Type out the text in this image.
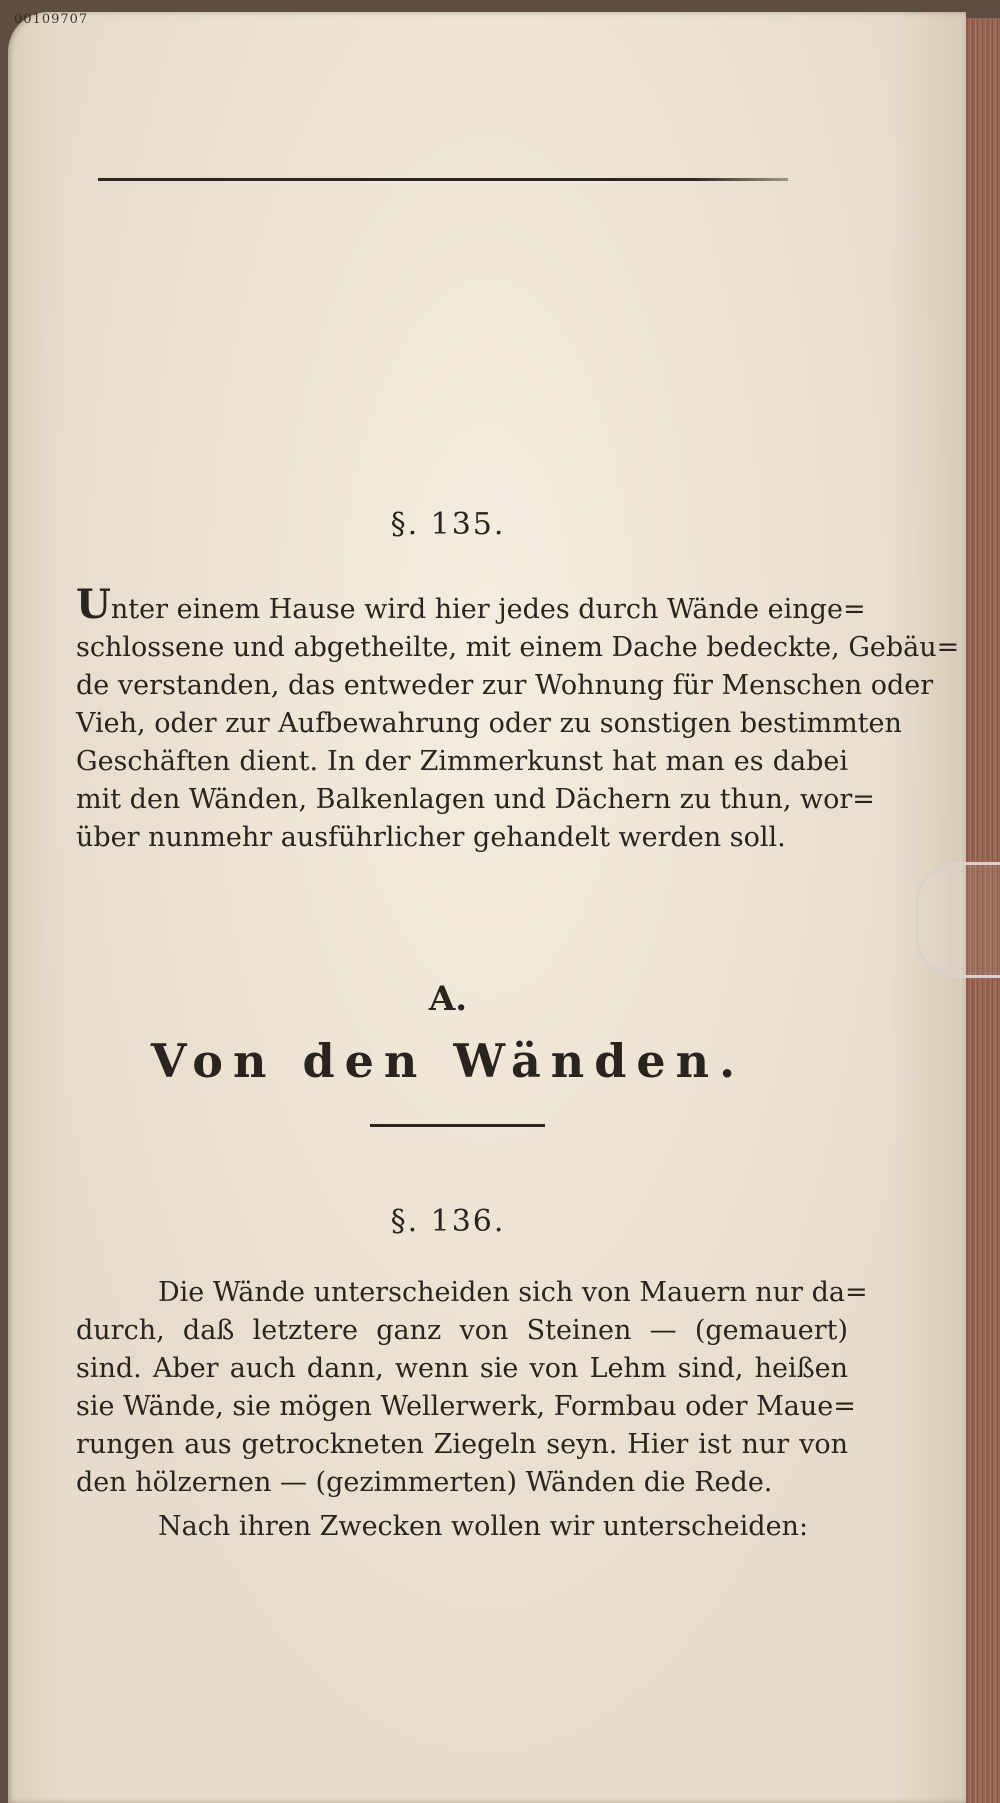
00109707
§. 135.
Unter einem Hause wird hier jedes durch Wände einge=
schlossene und abgetheilte, mit einem Dache bedeckte, Gebäu=
de verstanden, das entweder zur Wohnung für Menschen oder
Vieh, oder zur Aufbewahrung oder zu sonstigen bestimmten
Geschäften dient. In der Zimmerkunst hat man es dabei
mit den Wänden, Balkenlagen und Dächern zu thun, wor=
über nunmehr ausführlicher gehandelt werden soll.
A.
Von den Wänden.
§. 136.
Die Wände unterscheiden sich von Mauern nur da=
durch, daß letztere ganz von Steinen — (gemauert)
sind. Aber auch dann, wenn sie von Lehm sind, heißen
sie Wände, sie mögen Wellerwerk, Formbau oder Maue=
rungen aus getrockneten Ziegeln seyn. Hier ist nur von
den hölzernen — (gezimmerten) Wänden die Rede.
Nach ihren Zwecken wollen wir unterscheiden:
